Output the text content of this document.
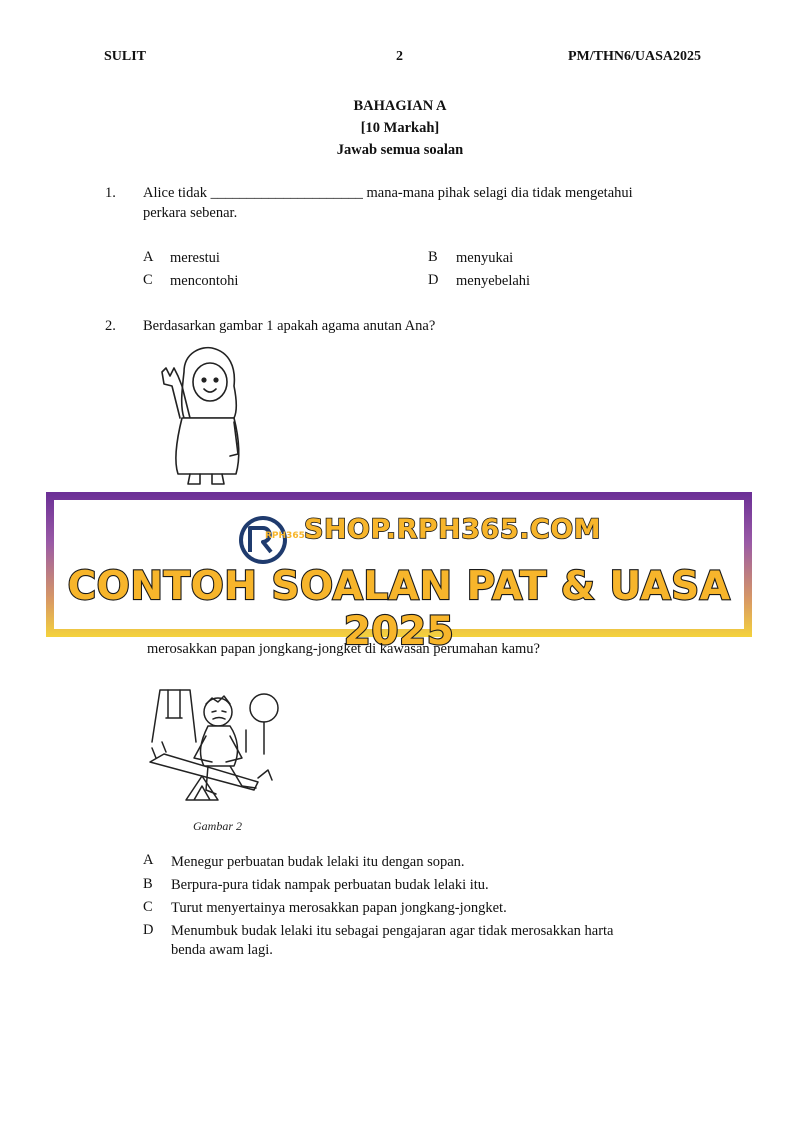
SULIT	2	PM/THN6/UASA2025
BAHAGIAN A
[10 Markah]
Jawab semua soalan
1. Alice tidak _____________________ mana-mana pihak selagi dia tidak mengetahui
perkara sebenar.
A merestui	B menyukai
C mencontohi	D menyebelahi
2. Berdasarkan gambar 1 apakah agama anutan Ana?
RPH365 SHOP.RPH365.COM
CONTOH SOALAN PAT & UASA 2025
merosakkan papan jongkang-jongket di kawasan perumahan kamu?
Gambar 2
A Menegur perbuatan budak lelaki itu dengan sopan.
B Berpura-pura tidak nampak perbuatan budak lelaki itu.
C Turut menyertainya merosakkan papan jongkang-jongket.
D Menumbuk budak lelaki itu sebagai pengajaran agar tidak merosakkan harta
benda awam lagi.
